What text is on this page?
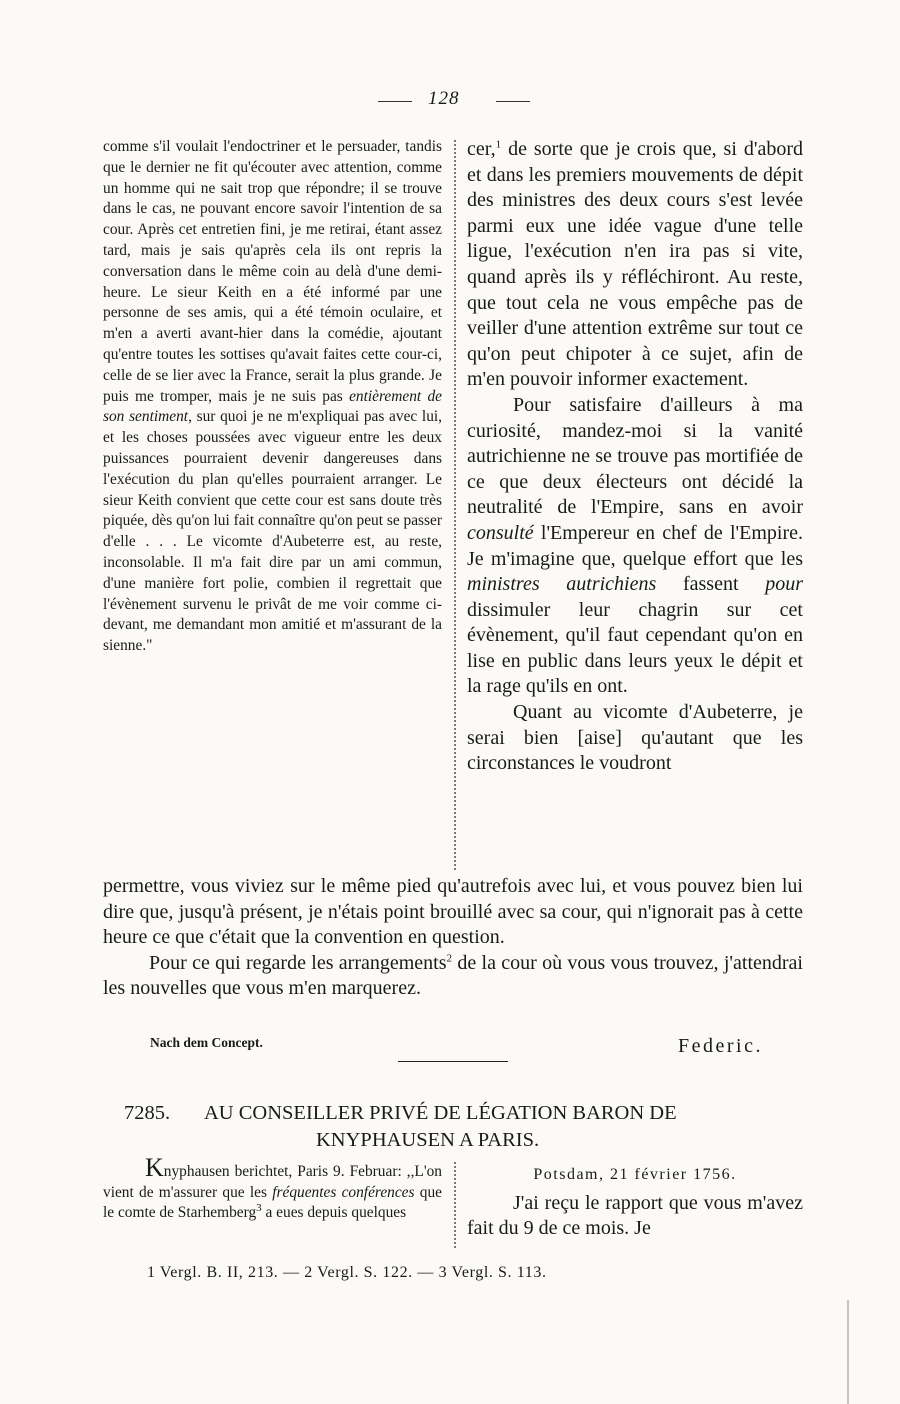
128

comme s'il voulait l'endoctriner et le persuader, tandis que le dernier ne fit qu'écouter avec attention, comme un homme qui ne sait trop que répondre; il se trouve dans le cas, ne pouvant encore savoir l'intention de sa cour. Après cet entretien fini, je me retirai, étant assez tard, mais je sais qu'après cela ils ont repris la conversation dans le même coin au delà d'une demi-heure. Le sieur Keith en a été informé par une personne de ses amis, qui a été témoin oculaire, et m'en a averti avant-hier dans la comédie, ajoutant qu'entre toutes les sottises qu'avait faites cette cour-ci, celle de se lier avec la France, serait la plus grande. Je puis me tromper, mais je ne suis pas entièrement de son sentiment, sur quoi je ne m'expliquai pas avec lui, et les choses poussées avec vigueur entre les deux puissances pourraient devenir dangereuses dans l'exécution du plan qu'elles pourraient arranger. Le sieur Keith convient que cette cour est sans doute très piquée, dès qu'on lui fait connaître qu'on peut se passer d'elle . . . Le vicomte d'Aubeterre est, au reste, inconsolable. Il m'a fait dire par un ami commun, d'une manière fort polie, combien il regrettait que l'évènement survenu le privât de me voir comme ci-devant, me demandant mon amitié et m'assurant de la sienne."

cer,$^1$ de sorte que je crois que, si d'abord et dans les premiers mouvements de dépit des ministres des deux cours s'est levée parmi eux une idée vague d'une telle ligue, l'exécution n'en ira pas si vite, quand après ils y réfléchiront. Au reste, que tout cela ne vous empêche pas de veiller d'une attention extrême sur tout ce qu'on peut chipoter à ce sujet, afin de m'en pouvoir informer exactement.

Pour satisfaire d'ailleurs à ma curiosité, mandez-moi si la vanité autrichienne ne se trouve pas mortifiée de ce que deux électeurs ont décidé la neutralité de l'Empire, sans en avoir consulté l'Empereur en chef de l'Empire. Je m'imagine que, quelque effort que les ministres autrichiens fassent pour dissimuler leur chagrin sur cet évènement, qu'il faut cependant qu'on en lise en public dans leurs yeux le dépit et la rage qu'ils en ont.

Quant au vicomte d'Aubeterre, je serai bien [aise] qu'autant que les circonstances le voudront

permettre, vous viviez sur le même pied qu'autrefois avec lui, et vous pouvez bien lui dire que, jusqu'à présent, je n'étais point brouillé avec sa cour, qui n'ignorait pas à cette heure ce que c'était que la convention en question.

Pour ce qui regarde les arrangements$^2$ de la cour où vous vous trouvez, j'attendrai les nouvelles que vous m'en marquerez.

Nach dem Concept.	Federic.
7285. AU CONSEILLER PRIVÉ DE LÉGATION BARON DE
KNYPHAUSEN A PARIS.

Knyphausen berichtet, Paris 9. Februar: ,,L'on vient de m'assurer que les fréquentes conférences que le comte de Starhemberg$^3$ a eues depuis quelques

Potsdam, 21 février 1756.

J'ai reçu le rapport que vous m'avez fait du 9 de ce mois. Je

1 Vergl. B. II, 213. — 2 Vergl. S. 122. — 3 Vergl. S. 113.
